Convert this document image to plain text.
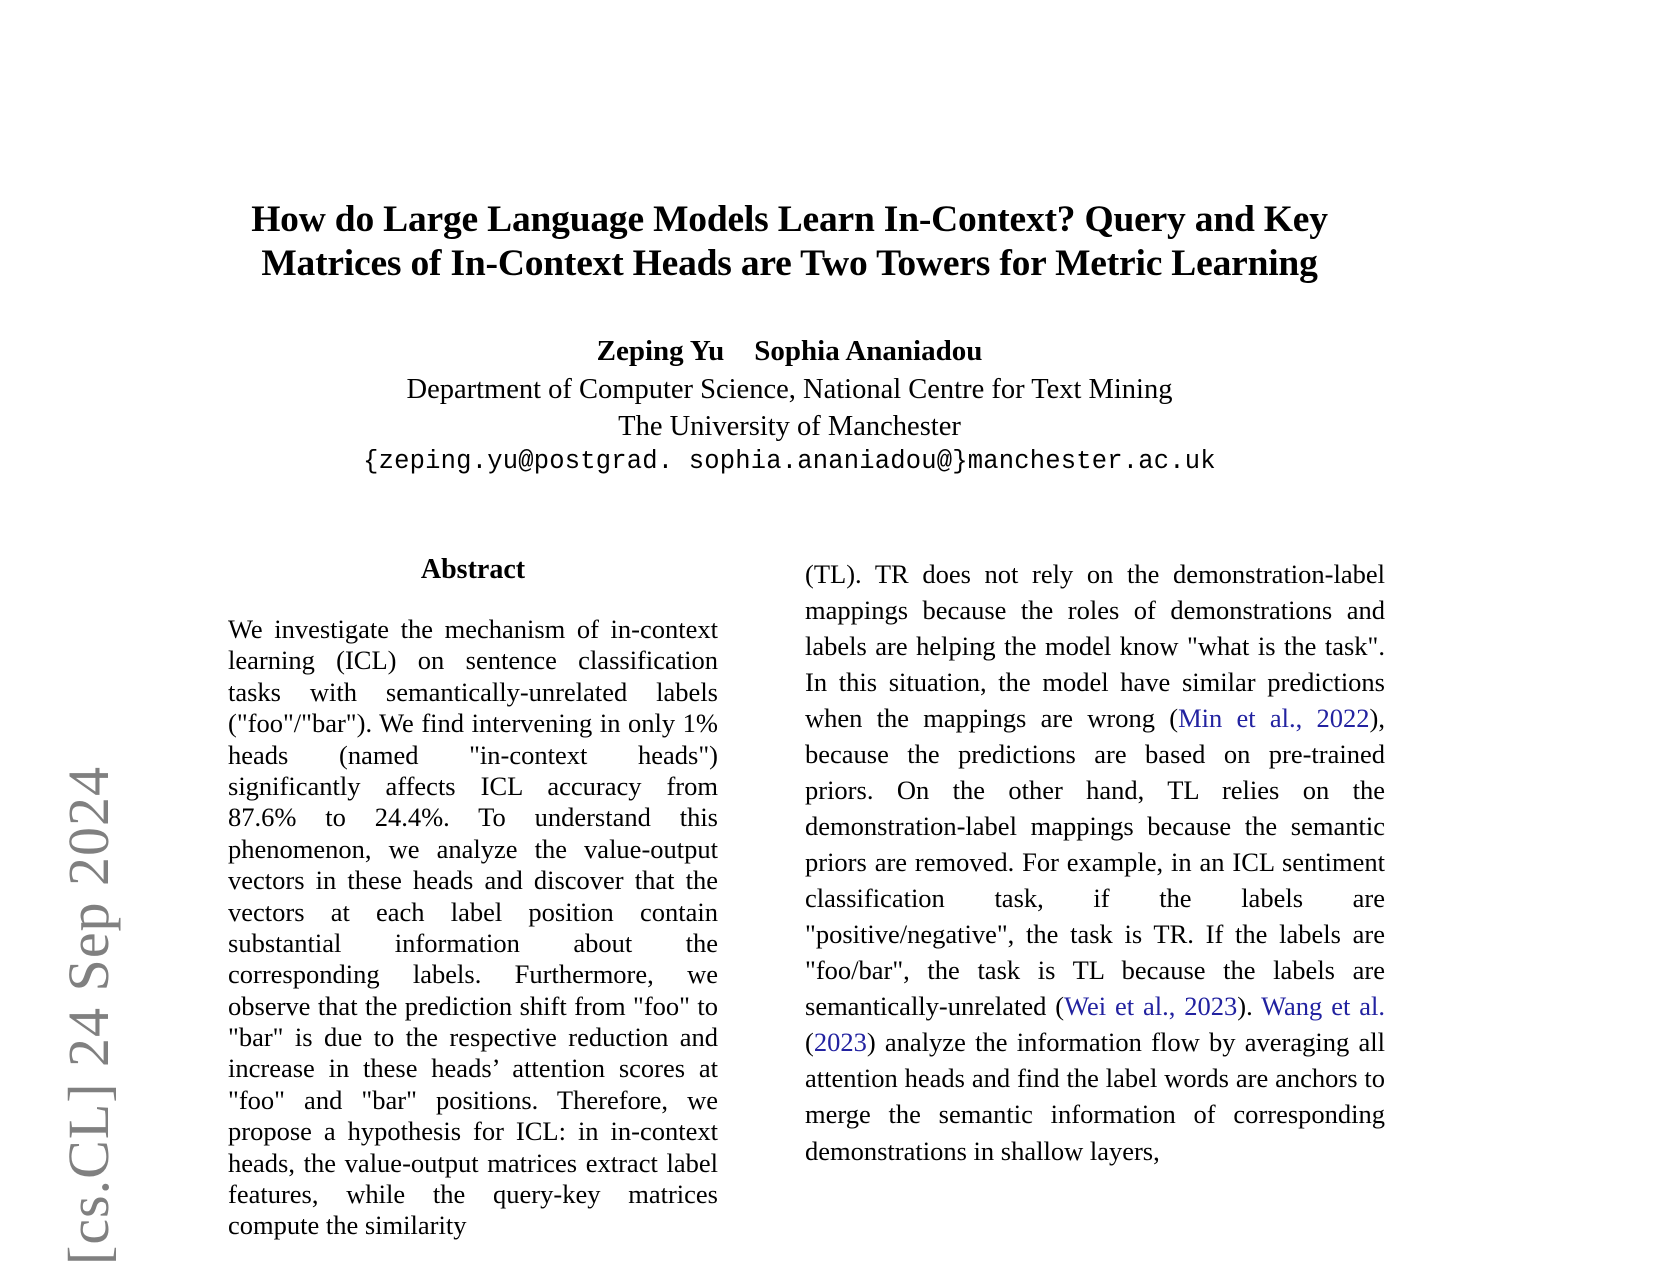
[cs.CL] 24 Sep 2024
How do Large Language Models Learn In-Context? Query and Key Matrices of In-Context Heads are Two Towers for Metric Learning
Zeping Yu Sophia Ananiadou
Department of Computer Science, National Centre for Text Mining
The University of Manchester
{zeping.yu@postgrad. sophia.ananiadou@}manchester.ac.uk
Abstract

We investigate the mechanism of in-context learning (ICL) on sentence classification tasks with semantically-unrelated labels ("foo"/"bar"). We find intervening in only 1% heads (named "in-context heads") significantly affects ICL accuracy from 87.6% to 24.4%. To understand this phenomenon, we analyze the value-output vectors in these heads and discover that the vectors at each label position contain substantial information about the corresponding labels. Furthermore, we observe that the prediction shift from "foo" to "bar" is due to the respective reduction and increase in these heads’ attention scores at "foo" and "bar" positions. Therefore, we propose a hypothesis for ICL: in in-context heads, the value-output matrices extract label features, while the query-key matrices compute the similarity

(TL). TR does not rely on the demonstration-label mappings because the roles of demonstrations and labels are helping the model know "what is the task". In this situation, the model have similar predictions when the mappings are wrong (Min et al., 2022), because the predictions are based on pre-trained priors. On the other hand, TL relies on the demonstration-label mappings because the semantic priors are removed. For example, in an ICL sentiment classification task, if the labels are "positive/negative", the task is TR. If the labels are "foo/bar", the task is TL because the labels are semantically-unrelated (Wei et al., 2023). Wang et al. (2023) analyze the information flow by averaging all attention heads and find the label words are anchors to merge the semantic information of corresponding demonstrations in shallow layers,
